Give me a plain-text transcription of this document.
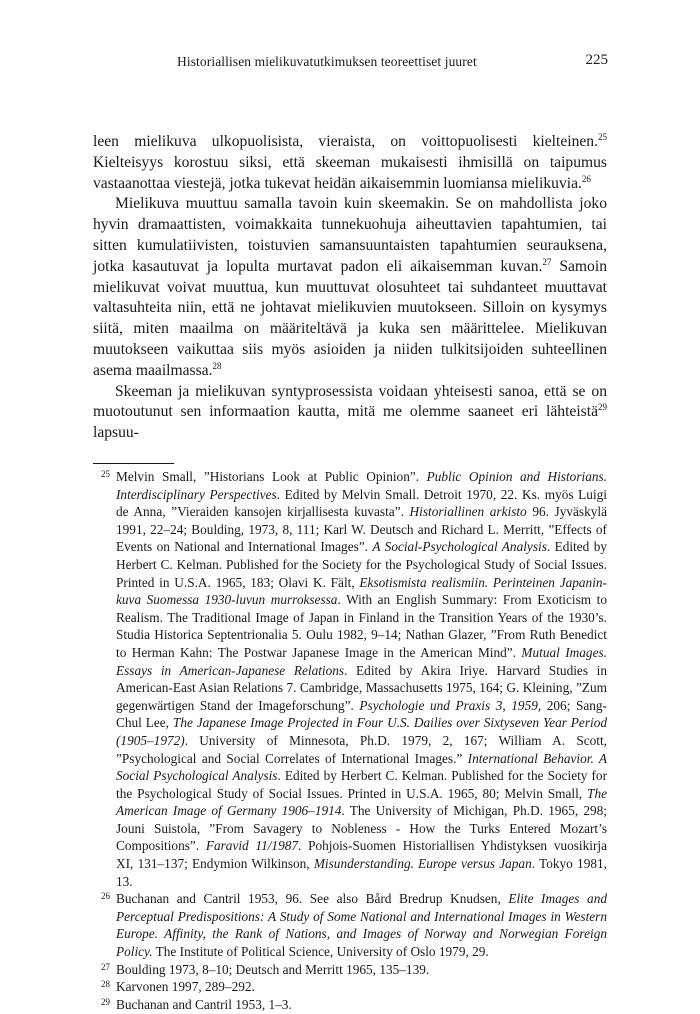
Historiallisen mielikuvatutkimuksen teoreettiset juuret	225

leen mielikuva ulkopuolisista, vieraista, on voittopuolisesti kielteinen.$^{25}$ Kielteisyys korostuu siksi, että skeeman mukaisesti ihmisillä on taipumus vastaanottaa viestejä, jotka tukevat heidän aikaisemmin luomiansa mielikuvia.$^{26}$

Mielikuva muuttuu samalla tavoin kuin skeemakin. Se on mahdollista joko hyvin dramaattisten, voimakkaita tunnekuohuja aiheuttavien tapahtumien, tai sitten kumulatiivisten, toistuvien samansuuntaisten tapahtumien seurauksena, jotka kasautuvat ja lopulta murtavat padon eli aikaisemman kuvan.$^{27}$ Samoin mielikuvat voivat muuttua, kun muuttuvat olosuhteet tai suhdanteet muuttavat valtasuhteita niin, että ne johtavat mielikuvien muutokseen. Silloin on kysymys siitä, miten maailma on määriteltävä ja kuka sen määrittelee. Mielikuvan muutokseen vaikuttaa siis myös asioiden ja niiden tulkitsijoiden suhteellinen asema maailmassa.$^{28}$

Skeeman ja mielikuvan syntyprosessista voidaan yhteisesti sanoa, että se on muotoutunut sen informaation kautta, mitä me olemme saaneet eri lähteistä$^{29}$ lapsuu-

25 Melvin Small, ”Historians Look at Public Opinion”. Public Opinion and Historians. Interdisciplinary Perspectives. Edited by Melvin Small. Detroit 1970, 22. Ks. myös Luigi de Anna, ”Vieraiden kansojen kirjallisesta kuvasta”. Historiallinen arkisto 96. Jyväskylä 1991, 22–24; Boulding, 1973, 8, 111; Karl W. Deutsch and Richard L. Merritt, ”Effects of Events on National and International Images”. A Social-Psychological Analysis. Edited by Herbert C. Kelman. Published for the Society for the Psychological Study of Social Issues. Printed in U.S.A. 1965, 183; Olavi K. Fält, Eksotismista realismiin. Perinteinen Japanin-kuva Suomessa 1930-luvun murroksessa. With an English Summary: From Exoticism to Realism. The Traditional Image of Japan in Finland in the Transition Years of the 1930’s. Studia Historica Septentrionalia 5. Oulu 1982, 9–14; Nathan Glazer, ”From Ruth Benedict to Herman Kahn: The Postwar Japanese Image in the American Mind”. Mutual Images. Essays in American-Japanese Relations. Edited by Akira Iriye. Harvard Studies in American-East Asian Relations 7. Cambridge, Massachusetts 1975, 164; G. Kleining, ”Zum gegenwärtigen Stand der Imageforschung”. Psychologie und Praxis 3, 1959, 206; Sang-Chul Lee, The Japanese Image Projected in Four U.S. Dailies over Sixtyseven Year Period (1905–1972). University of Minnesota, Ph.D. 1979, 2, 167; William A. Scott, ”Psychological and Social Correlates of International Images.” International Behavior. A Social Psychological Analysis. Edited by Herbert C. Kelman. Published for the Society for the Psychological Study of Social Issues. Printed in U.S.A. 1965, 80; Melvin Small, The American Image of Germany 1906–1914. The University of Michigan, Ph.D. 1965, 298; Jouni Suistola, ”From Savagery to Nobleness - How the Turks Entered Mozart’s Compositions”. Faravid 11/1987. Pohjois-Suomen Historiallisen Yhdistyksen vuosikirja XI, 131–137; Endymion Wilkinson, Misunderstanding. Europe versus Japan. Tokyo 1981, 13.
26 Buchanan and Cantril 1953, 96. See also Bård Bredrup Knudsen, Elite Images and Perceptual Predispositions: A Study of Some National and International Images in Western Europe. Affinity, the Rank of Nations, and Images of Norway and Norwegian Foreign Policy. The Institute of Political Science, University of Oslo 1979, 29.
27 Boulding 1973, 8–10; Deutsch and Merritt 1965, 135–139.
28 Karvonen 1997, 289–292.
29 Buchanan and Cantril 1953, 1–3.
